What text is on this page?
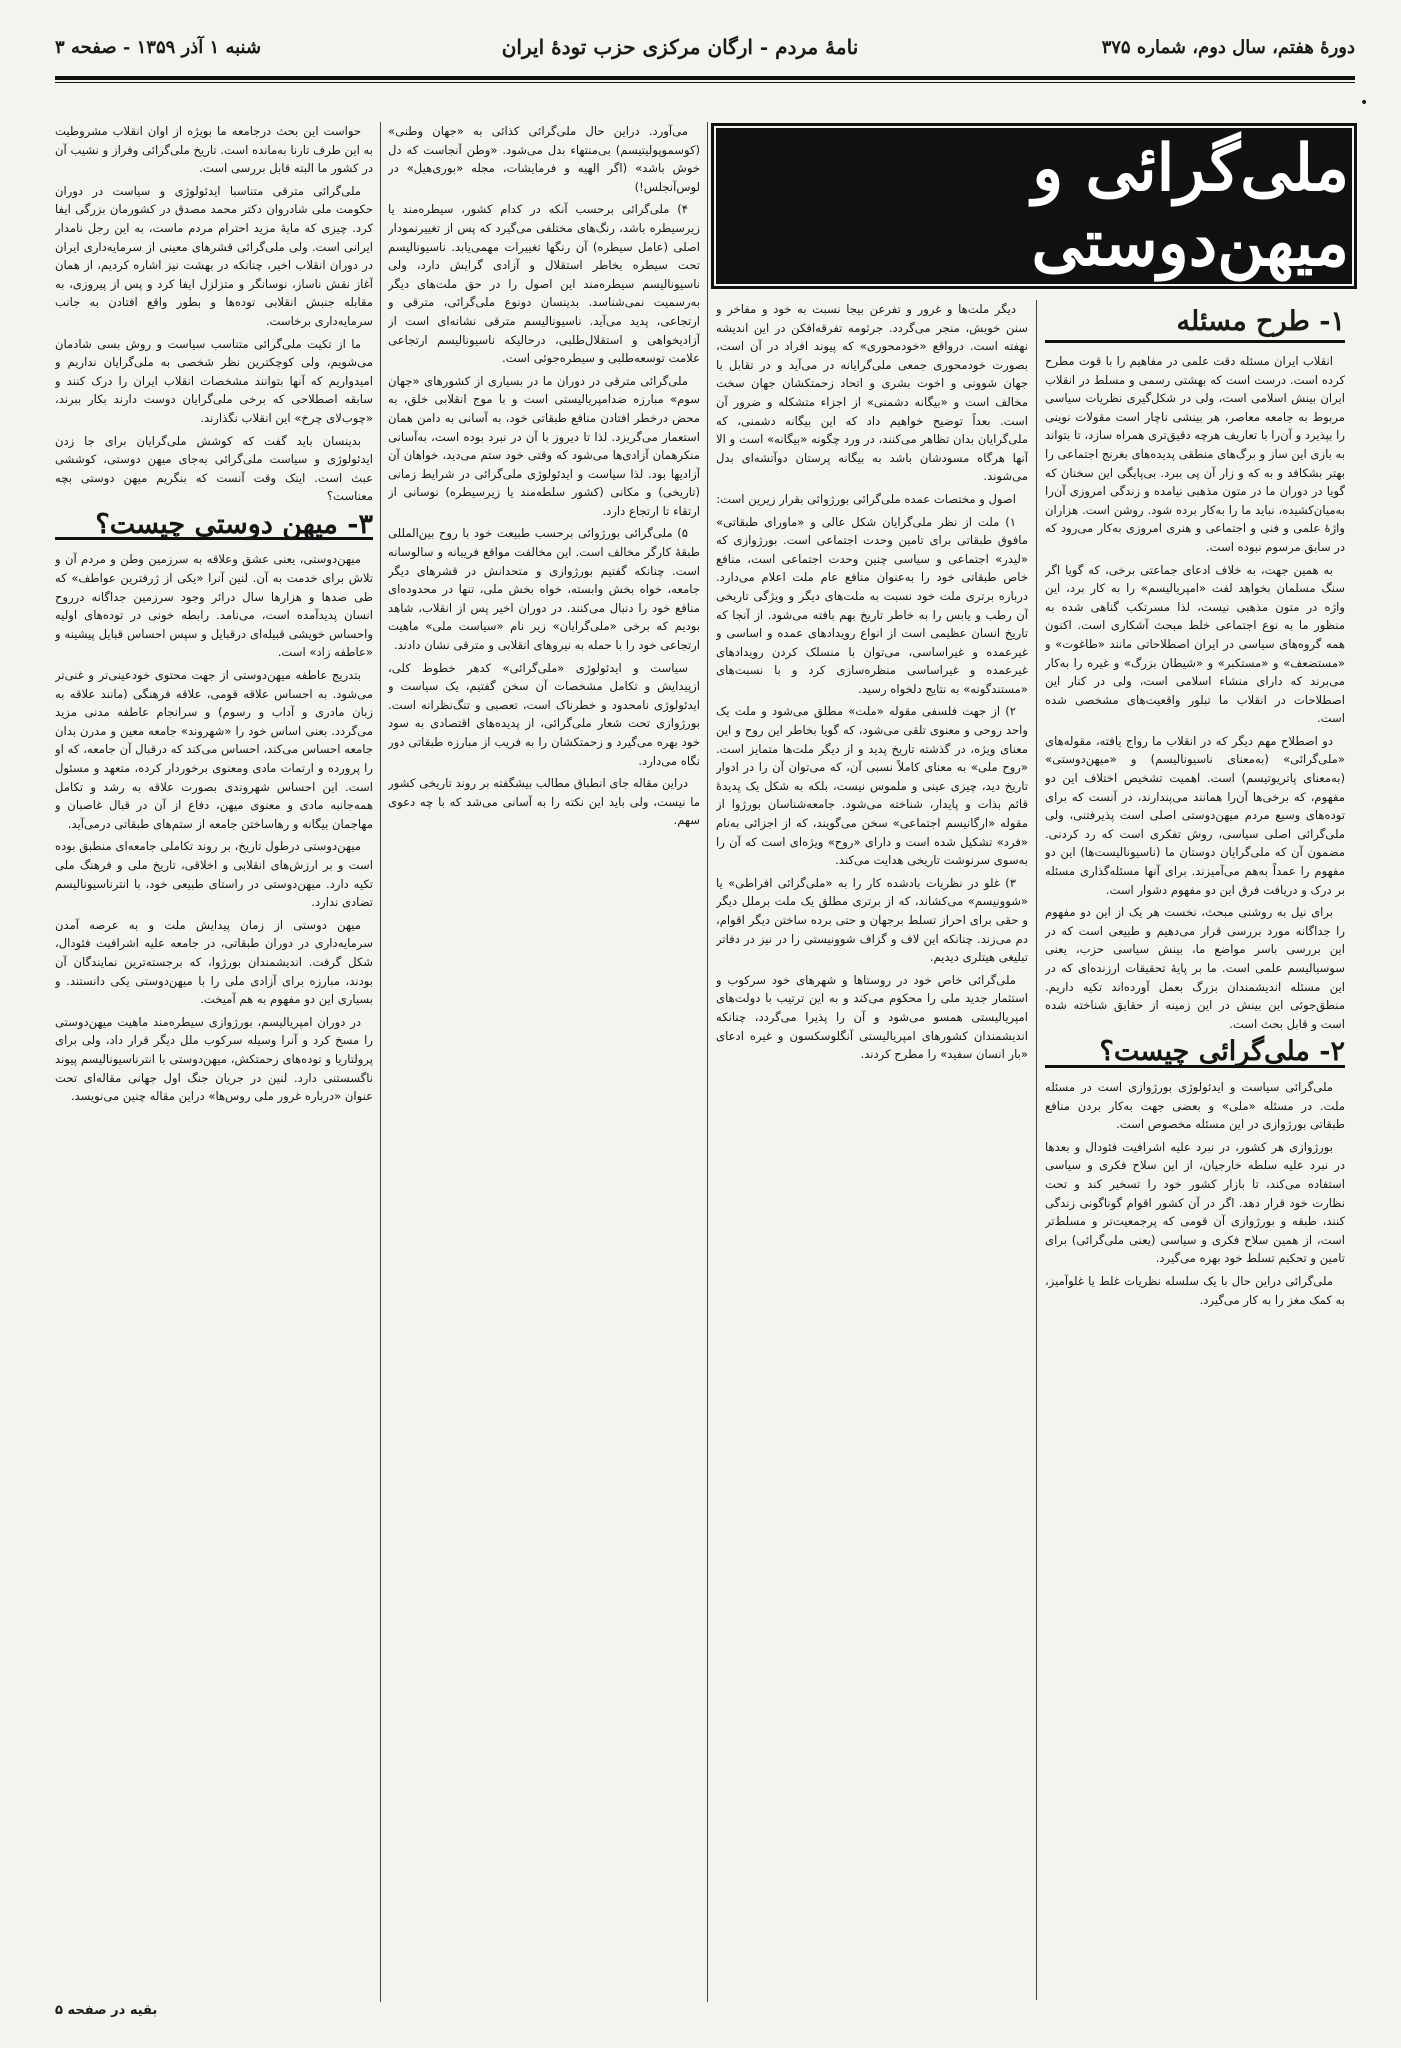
دورهٔ هفتم، سال دوم، شماره ۳۷۵
نامهٔ مردم - ارگان مرکزی حزب تودهٔ ایران
شنبه ۱ آذر ۱۳۵۹ - صفحه ۳
•
ملی‌گرائی و میهن‌دوستی
۱- طرح مسئله

انقلاب ایران مسئله دقت علمی در مفاهیم را با قوت مطرح کرده است. درست است که بهشتی رسمی و مسلط در انقلاب ایران بینش اسلامی است، ولی در شکل‌گیری نظریات سیاسی مربوط به جامعه معاصر، هر بینشی ناچار است مقولات نوینی را بپذیرد و آن‌را با تعاریف هرچه دقیق‌تری همراه سازد، تا بتواند به بازی این ساز و برگ‌های منطقی پدیده‌های بغرنج اجتماعی را بهتر بشکافد و به که و زار آن پی ببرد. بی‌پایگی این سخنان که گویا در دوران ما در متون مذهبی نیامده و زندگی امروزی آن‌را به‌میان‌کشیده، نباید ما را به‌کار برده شود. روشن است. هزاران واژهٔ علمی و فنی و اجتماعی و هنری امروزی به‌کار می‌رود که در سابق مرسوم نبوده است.

به همین جهت، به خلاف ادعای جماعتی برخی، که گویا اگر سنگ مسلمان بخواهد لفت «امپریالیسم» را به کار برد، این واژه در متون مذهبی نیست، لذا مسرتکب گناهی شده به منظور ما به نوع اجتماعی خلط مبحث آشکاری است. اکنون همه گروه‌های سیاسی در ایران اصطلاحاتی مانند «طاغوت» و «مستضعف» و «مستکبر» و «شیطان بزرگ» و غیره را به‌کار می‌برند که دارای منشاء اسلامی است، ولی در کنار این اصطلاحات در انقلاب ما تبلور واقعیت‌های مشخصی شده است.

دو اصطلاح مهم دیگر که در انقلاب ما رواج یافته، مقوله‌های «ملی‌گرائی» (به‌معنای ناسیونالیسم) و «میهن‌دوستی» (به‌معنای پاتریوتیسم) است. اهمیت تشخیص اختلاف این دو مفهوم، که برخی‌ها آن‌را همانند می‌پندارند، در آنست که برای توده‌های وسیع مردم میهن‌دوستی اصلی است پذیرفتنی، ولی ملی‌گرائی اصلی سیاسی، روش تفکری است که رد کردنی. مضمون آن که ملی‌گرایان دوستان ما (ناسیونالیست‌ها) این دو مفهوم را عمداً به‌هم می‌آمیزند. برای آنها مسئله‌گذاری مسئله بر درک و دریافت فرق این دو مفهوم دشوار است.

برای نیل به روشنی مبحث، نخست هر یک از این دو مفهوم را جداگانه مورد بررسی قرار می‌دهیم و طبیعی است که در این بررسی باسر مواضع ما، بینش سیاسی حزب، یعنی سوسیالیسم علمی است. ما بر پایهٔ تحقیقات ارزنده‌ای که در این مسئله اندیشمندان بزرگ بعمل آورده‌اند تکیه داریم. منطق‌جوئی این بینش در این زمینه از حقایق شناخته شده است و قابل بحث است.

۲- ملی‌گرائی چیست؟

ملی‌گرائی سیاست و ایدئولوژی بورژوازی است در مسئله ملت. در مسئله «ملی» و بعضی جهت به‌کار بردن منافع طبقاتی بورژوازی در این مسئله مخصوص است.

بورژوازی هر کشور، در نبرد علیه اشرافیت فئودال و بعدها در نبرد علیه سلطه خارجیان، از این سلاح فکری و سیاسی استفاده می‌کند، تا بازار کشور خود را تسخیر کند و تحت نظارت خود قرار دهد. اگر در آن کشور اقوام گوناگونی زندگی کنند، طبقه و بورژوازی آن قومی که پرجمعیت‌تر و مسلط‌تر است، از همین سلاح فکری و سیاسی (یعنی ملی‌گرائی) برای تامین و تحکیم تسلط خود بهره می‌گیرد.

ملی‌گرائی دراین حال با یک سلسله نظریات غلط یا غلوآمیز، به کمک مغز را به کار می‌گیرد.

دیگر ملت‌ها و غرور و تفرعن بیجا نسبت به خود و مفاخر و سنن خویش، منجر می‌گردد. جرثومه تفرقه‌افکن در این اندیشه نهفته است. درواقع «خودمحوری» که پیوند افراد در آن است، بصورت خودمحوری جمعی ملی‌گرایانه در می‌آید و در تقابل با جهان شوونی و اخوت بشری و اتحاد زحمتکشان جهان سخت مخالف است و «بیگانه دشمنی» از اجزاء متشکله و ضرور آن است. بعداً توضیح خواهیم داد که این بیگانه دشمنی، که ملی‌گرایان بدان تظاهر می‌کنند، در ورد چگونه «بیگانه» است و الا آنها هرگاه مسودشان باشد به بیگانه پرستان دوآتشه‌ای بدل می‌شوند.

اصول و مختصات عمده ملی‌گرائی بورژوائی بقرار زیرین است:

۱) ملت از نظر ملی‌گرایان شکل عالی و «ماورای طبقاتی» مافوق طبقاتی برای تامین وحدت اجتماعی است. بورژوازی که «لیدر» اجتماعی و سیاسی چنین وحدت اجتماعی است، منافع خاص طبقاتی خود را به‌عنوان منافع عام ملت اعلام می‌دارد. درباره برتری ملت خود نسبت به ملت‌های دیگر و ویژگی تاریخی آن رطب و یابس را به خاطر تاریخ بهم بافته می‌شود. از آنجا که تاریخ انسان عظیمی است از انواع رویدادهای عمده و اساسی و غیرعمده و غیراساسی، می‌توان با منسلک کردن رویدادهای غیرعمده و غیراساسی منظره‌سازی کرد و با نسبت‌های «مستندگونه» به نتایج دلخواه رسید.

۲) از جهت فلسفی مقوله «ملت» مطلق می‌شود و ملت یک واحد روحی و معنوی تلقی می‌شود، که گویا بخاطر این روح و این معنای ویژه، در گذشته تاریخ پدید و از دیگر ملت‌ها متمایز است. «روح ملی» به معنای کاملاً نسبی آن، که می‌توان آن را در ادوار تاریخ دید، چیزی عینی و ملموس نیست، بلکه به شکل یک پدیدهٔ قائم بذات و پایدار، شناخته می‌شود. جامعه‌شناسان بورژوا از مقوله «ارگانیسم اجتماعی» سخن می‌گویند، که از اجزائی به‌نام «فرد» تشکیل شده است و دارای «روح» ویژه‌ای است که آن را به‌سوی سرنوشت تاریخی هدایت می‌کند.

۳) غلو در نظریات بادشده کار را به «ملی‌گرائی افراطی» یا «شوونیسم» می‌کشاند، که از برتری مطلق یک ملت برملل دیگر و حقی برای احراز تسلط برجهان و حتی برده ساختن دیگر اقوام، دم می‌زند. چنانکه این لاف و گزاف شوونیستی را در نیز در دفاتر تبلیغی هیتلری دیدیم.

ملی‌گرائی خاص خود در روستاها و شهرهای خود سرکوب و استثمار جدید ملی را محکوم می‌کند و به این ترتیب با دولت‌های امپریالیستی همسو می‌شود و آن را پذیرا می‌گردد، چنانکه اندیشمندان کشورهای امپریالیستی آنگلوسکسون و غیره ادعای «بار انسان سفید» را مطرح کردند.

می‌آورد. دراین حال ملی‌گرائی کذائی به «جهان وطنی» (کوسموپولیتیسم) بی‌منتهاء بدل می‌شود. «وطن آنجاست که دل خوش باشد» (اگر الهیه و فرمایشات، مجله «بوری‌هیل» در لوس‌آنجلس!)

۴) ملی‌گرائی برحسب آنکه در کدام کشور، سیطره‌مند یا زیرسیطره باشد، رنگ‌های مختلفی می‌گیرد که پس از تغییرنمودار اصلی (عامل سیطره) آن رنگها تغییرات مهمی‌یابد. ناسیونالیسم تحت سیطره بخاطر استقلال و آزادی گرایش دارد، ولی ناسیونالیسم سیطره‌مند این اصول را در حق ملت‌های دیگر به‌رسمیت نمی‌شناسد. بدینسان دونوع ملی‌گرائی، مترقی و ارتجاعی، پدید می‌آید. ناسیونالیسم مترقی نشانه‌ای است از آزادیخواهی و استقلال‌طلبی، درحالیکه ناسیونالیسم ارتجاعی علامت توسعه‌طلبی و سیطره‌جوئی است.

ملی‌گرائی مترقی در دوران ما در بسیاری از کشورهای «جهان سوم» مبارزه ضدامپریالیستی است و با موج انقلابی خلق، به محض درخطر افتادن منافع طبقاتی خود، به آسانی به دامن همان استعمار می‌گریزد. لذا تا دیروز با آن در نبرد بوده است، به‌آسانی منکرهمان آزادی‌ها می‌شود که وقتی خود ستم می‌دید، خواهان آن آزادیها بود. لذا سیاست و ایدئولوژی ملی‌گرائی در شرایط زمانی (تاریخی) و مکانی (کشور سلطه‌مند یا زیرسیطره) نوسانی از ارتقاء تا ارتجاع دارد.

۵) ملی‌گرائی بورژوائی برحسب طبیعت خود با روح بین‌المللی طبقهٔ کارگر مخالف است. این مخالفت مواقع فریبانه و سالوسانه است. چنانکه گفتیم بورژوازی و متحدانش در قشرهای دیگر جامعه، خواه بخش وابسته، خواه بخش ملی، تنها در محدوده‌ای منافع خود را دنبال می‌کنند. در دوران اخیر پس از انقلاب، شاهد بودیم که برخی «ملی‌گرایان» زیر نام «سیاست ملی» ماهیت ارتجاعی خود را با حمله به نیروهای انقلابی و مترقی نشان دادند.

سیاست و ایدئولوژی «ملی‌گرائی» کدهر خطوط کلی، ازپیدایش و تکامل مشخصات آن سخن گفتیم، یک سیاست و ایدئولوژی نامحدود و خطرناک است، تعصبی و تنگ‌نظرانه است. بورژوازی تحت شعار ملی‌گرائی، از پدیده‌های اقتصادی به سود خود بهره می‌گیرد و زحمتکشان را به فریب از مبارزه طبقاتی دور نگاه می‌دارد.

دراین مقاله جای انطباق مطالب بیشگفته بر روند تاریخی کشور ما نیست، ولی باید این نکته را به آسانی می‌شد که با چه دعوی سهم.

حواست این بحث درجامعه ما بویژه از اوان انقلاب مشروطیت به این طرف تارنا به‌مانده است. تاریخ ملی‌گرائی وفراز و نشیب آن در کشور ما البته قابل بررسی است.

ملی‌گرائی مترقی متناسبا ایدئولوژی و سیاست در دوران حکومت ملی شادروان دکتر محمد مصدق در کشورمان بزرگی ایفا کرد. چیزی که مایهٔ مزید احترام مردم ماست، به این رجل نامدار ایرانی است. ولی ملی‌گرائی قشرهای معینی از سرمایه‌داری ایران در دوران انقلاب اخیر، چنانکه در بهشت نیز اشاره کردیم، از همان آغاز نقش ناساز، نوسانگر و متزلزل ایفا کرد و پس از پیروزی، به مقابله جنبش انقلابی توده‌ها و بطور واقع افتادن به جانب سرمایه‌داری برخاست.

ما از تکیت ملی‌گرائی متناسب سیاست و روش بسی شادمان می‌شویم، ولی کوچکترین نظر شخصی به ملی‌گرایان نداریم و امیدواریم که آنها بتوانند مشخصات انقلاب ایران را درک کنند و سابقه اصطلاحی که برخی ملی‌گرایان دوست دارند بکار ببرند، «چوب‌لای چرخ» این انقلاب نگذارند.

بدینسان باید گفت که کوشش ملی‌گرایان برای جا زدن ایدئولوژی و سیاست ملی‌گرائی به‌جای میهن دوستی، کوششی عبث است. اینک وقت آنست که بنگریم میهن دوستی بچه معناست؟

۳- میهن دوستی چیست؟

میهن‌دوستی، یعنی عشق وعلاقه به سرزمین وطن و مردم آن و تلاش برای خدمت به آن. لنین آنرا «یکی از ژرفترین عواطف» که طی صدها و هزارها سال درائر وجود سرزمین جداگانه درروح انسان پدیدآمده است، می‌نامد. رابطه خونی در توده‌های اولیه واحساس خویشی قبیله‌ای درقبایل و سپس احساس قبایل پیشینه و «عاطفه زاد» است.

بتدریج عاطفه میهن‌دوستی از جهت محتوی خودعینی‌تر و غنی‌تر می‌شود. به احساس علاقه قومی، علاقه فرهنگی (مانند علاقه به زبان مادری و آداب و رسوم) و سرانجام عاطفه مدنی مزید می‌گردد. بعنی اساس خود را «شهروند» جامعه معین و مدرن بدان جامعه احساس می‌کند، احساس می‌کند که درقبال آن جامعه، که او را پرورده و ارتمات مادی ومعنوی برخوردار کرده، متعهد و مسئول است. این احساس شهروندی بصورت علاقه به رشد و تکامل همه‌جانبه مادی و معنوی میهن، دفاع از آن در قبال غاصبان و مهاجمان بیگانه و رهاساختن جامعه از ستم‌های طبقاتی درمی‌آید.

میهن‌دوستی درطول تاریخ، بر روند تکاملی جامعه‌ای منطبق بوده است و بر ارزش‌های انقلابی و اخلاقی، تاریخ ملی و فرهنگ ملی تکیه دارد. میهن‌دوستی در راستای طبیعی خود، با انترناسیونالیسم تضادی ندارد.

میهن دوستی از زمان پیدایش ملت و به عرصه آمدن سرمایه‌داری در دوران طبقاتی، در جامعه علیه اشرافیت فئودال، شکل گرفت. اندیشمندان بورژوا، که برجسته‌ترین نمایندگان آن بودند، مبارزه برای آزادی ملی را با میهن‌دوستی یکی دانستند. و بسیاری این دو مفهوم به هم آمیخت.

در دوران امپریالیسم، بورژوازی سیطره‌مند ماهیت میهن‌دوستی را مسخ کرد و آنرا وسیله سرکوب ملل دیگر قرار داد، ولی برای پرولتاریا و توده‌های زحمتکش، میهن‌دوستی با انترناسیونالیسم پیوند ناگسستنی دارد. لنین در جریان جنگ اول جهانی مقاله‌ای تحت عنوان «درباره غرور ملی روس‌ها» دراین مقاله چنین می‌نویسد.

بقیه در صفحه ۵
